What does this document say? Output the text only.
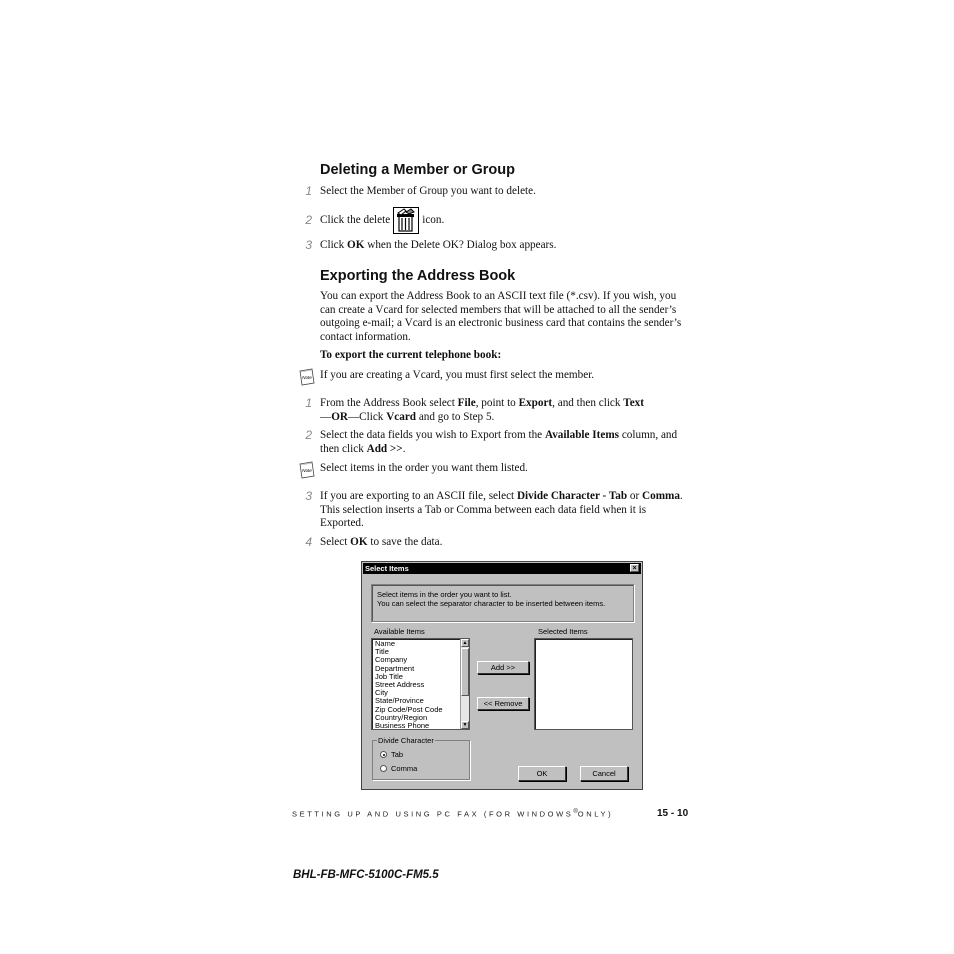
Deleting a Member or Group
1 Select the Member of Group you want to delete.
2 Click the delete	icon.
3 Click OK when the Delete OK? Dialog box appears.
Exporting the Address Book
You can export the Address Book to an ASCII text file (*.csv). If you wish, you can create a Vcard for selected members that will be attached to all the sender’s outgoing e-mail; a Vcard is an electronic business card that contains the sender’s contact information.
To export the current telephone book:
Note If you are creating a Vcard, you must first select the member.
1 From the Address Book select File, point to Export, and then click Text
—OR—Click Vcard and go to Step 5.
2 Select the data fields you wish to Export from the Available Items column, and then click Add >>.
Note Select items in the order you want them listed.
3 If you are exporting to an ASCII file, select Divide Character - Tab or Comma. This selection inserts a Tab or Comma between each data field when it is Exported.
4 Select OK to save the data.
Select Items	×
Select items in the order you want to list.
You can select the separator character to be inserted between items.
Available Items	Selected Items
Name
Title
Company
Department
Job Title
Street Address
City
State/Province
Zip Code/Post Code
Country/Region
Business Phone
▲
▼
Add >>
<< Remove
Divide Character
Tab
Comma
OK	Cancel
SETTING UP AND USING PC FAX (FOR WINDOWS®ONLY)	15 - 10
BHL-FB-MFC-5100C-FM5.5
